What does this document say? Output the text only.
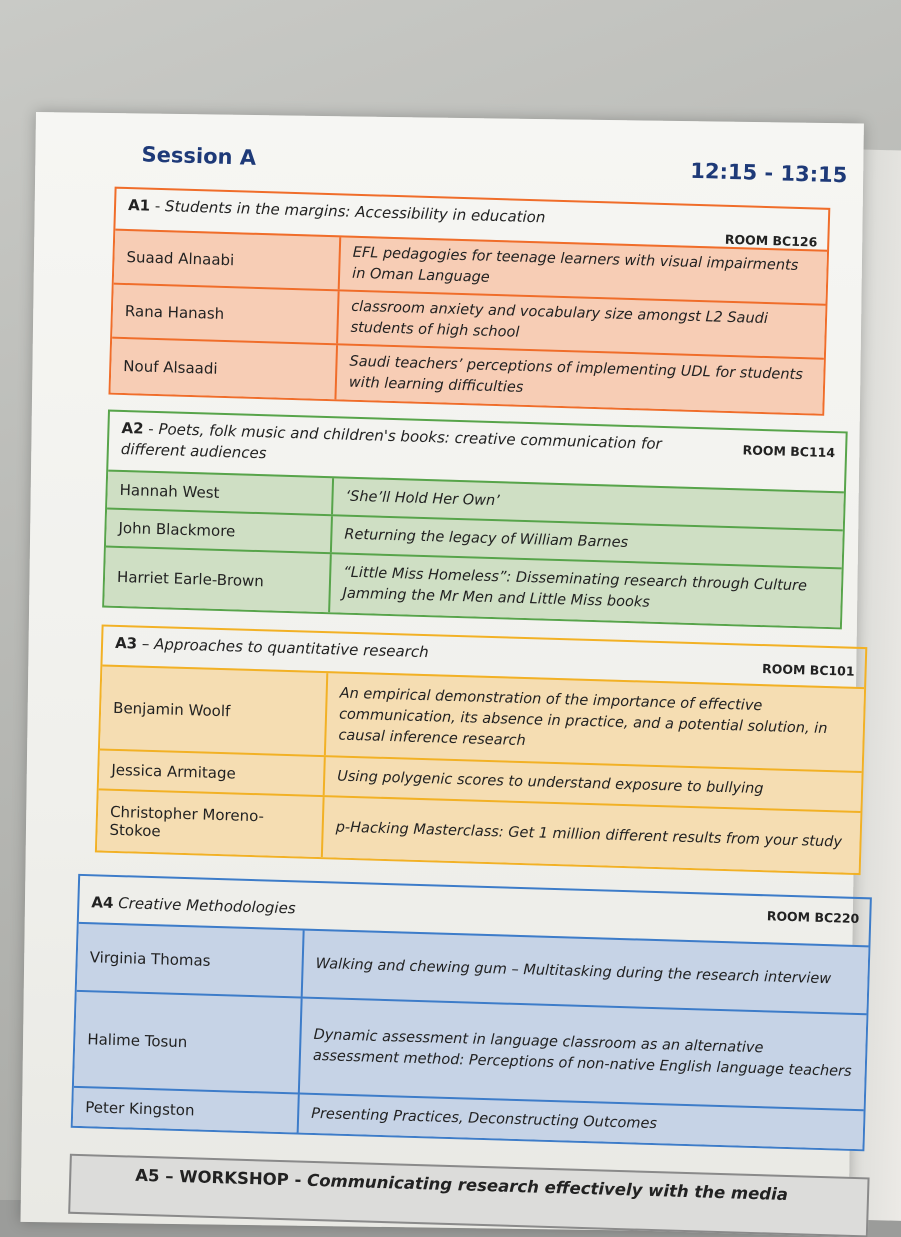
Session A
12:15 - 13:15
A1 - Students in the margins: Accessibility in education
ROOM BC126
Suaad Alnaabi	EFL pedagogies for teenage learners with visual impairments in Oman Language
Rana Hanash	classroom anxiety and vocabulary size amongst L2 Saudi students of high school
Nouf Alsaadi	Saudi teachers’ perceptions of implementing UDL for students with learning difficulties
A2 - Poets, folk music and children's books: creative communication for different audiences	ROOM BC114
Hannah West	‘She’ll Hold Her Own’
John Blackmore	Returning the legacy of William Barnes
Harriet Earle-Brown	“Little Miss Homeless”: Disseminating research through Culture Jamming the Mr Men and Little Miss books
A3 – Approaches to quantitative research
ROOM BC101
Benjamin Woolf	An empirical demonstration of the importance of effective communication, its absence in practice, and a potential solution, in causal inference research
Jessica Armitage	Using polygenic scores to understand exposure to bullying
Christopher Moreno-Stokoe	p-Hacking Masterclass: Get 1 million different results from your study
A4 Creative Methodologies	ROOM BC220
Virginia Thomas	Walking and chewing gum – Multitasking during the research interview
Halime Tosun	Dynamic assessment in language classroom as an alternative assessment method: Perceptions of non-native English language teachers
Peter Kingston	Presenting Practices, Deconstructing Outcomes
A5 – WORKSHOP - Communicating research effectively with the media
